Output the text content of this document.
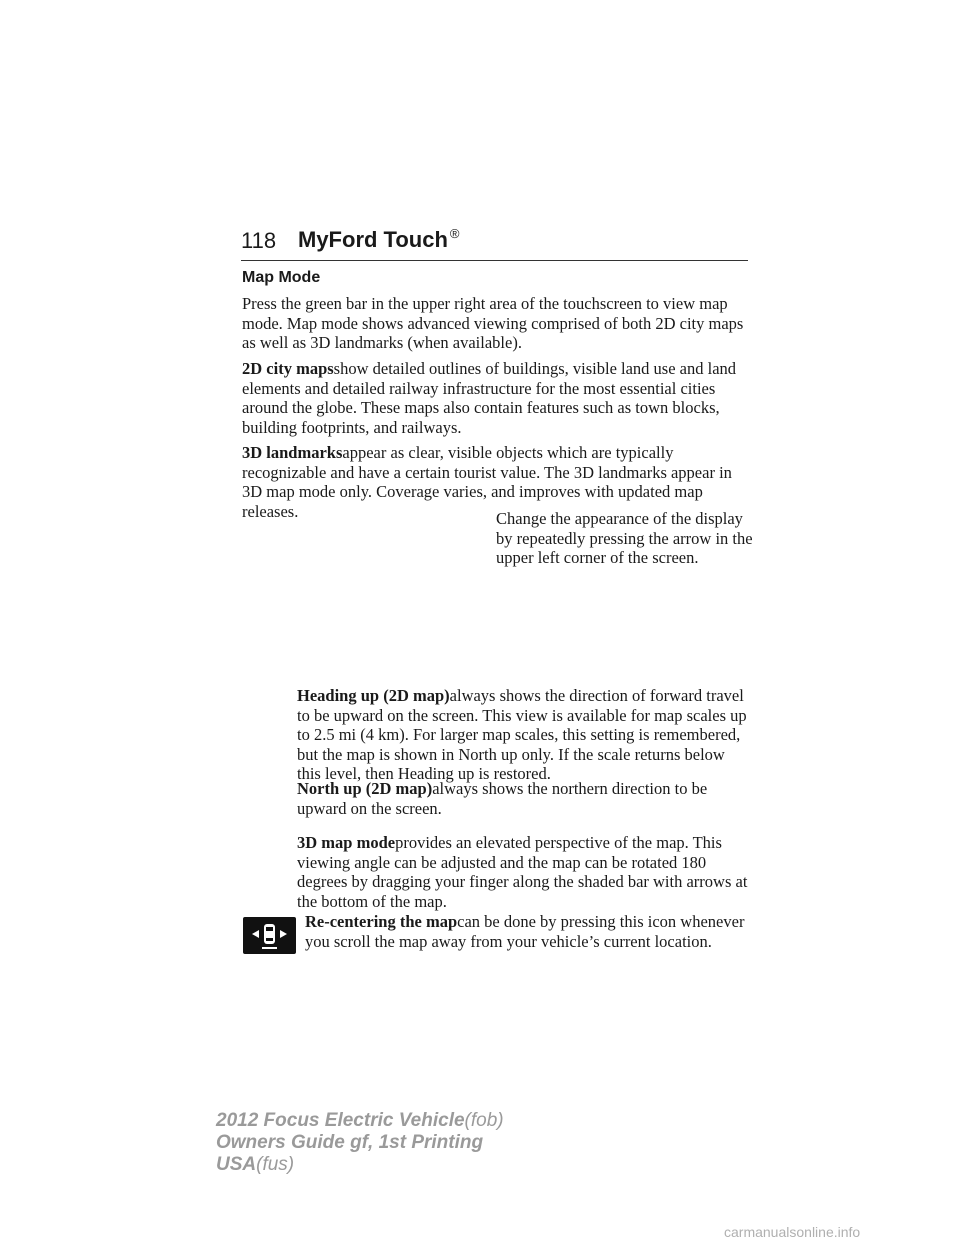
118 MyFord Touch ®
Map Mode

Press the green bar in the upper right area of the touchscreen to view map mode. Map mode shows advanced viewing comprised of both 2D city maps as well as 3D landmarks (when available).

2D city mapsshow detailed outlines of buildings, visible land use and land elements and detailed railway infrastructure for the most essential cities around the globe. These maps also contain features such as town blocks, building footprints, and railways.

3D landmarksappear as clear, visible objects which are typically recognizable and have a certain tourist value. The 3D landmarks appear in 3D map mode only. Coverage varies, and improves with updated map releases.	Change the appearance of the display by repeatedly pressing the arrow in the upper left corner of the screen.

Heading up (2D map)always shows the direction of forward travel to be upward on the screen. This view is available for map scales up to 2.5 mi (4 km). For larger map scales, this setting is remembered, but the map is shown in North up only. If the scale returns below this level, then Heading up is restored.

North up (2D map)always shows the northern direction to be upward on the screen.

3D map modeprovides an elevated perspective of the map. This viewing angle can be adjusted and the map can be rotated 180 degrees by dragging your finger along the shaded bar with arrows at the bottom of the map.

Re-centering the mapcan be done by pressing this icon whenever you scroll the map away from your vehicle’s current location.

2012 Focus Electric Vehicle(fob)
Owners Guide gf, 1st Printing
USA(fus)
carmanualsonline.info
